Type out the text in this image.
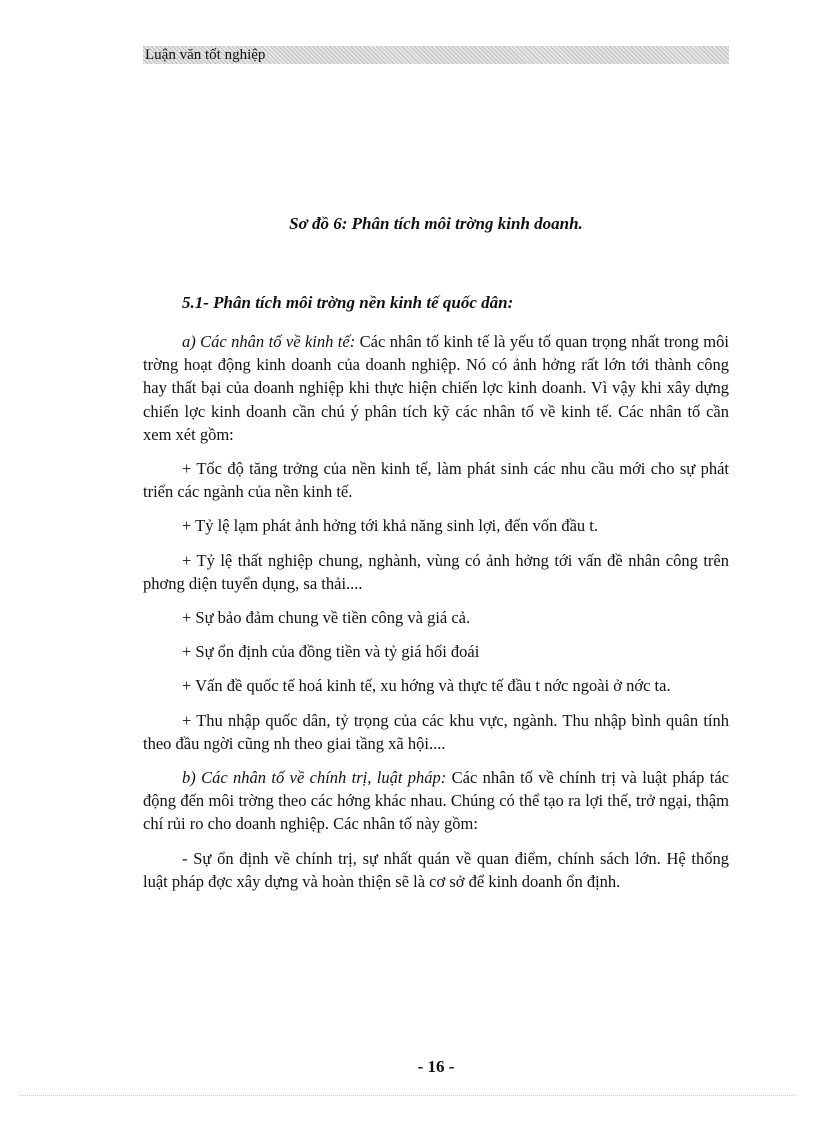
Luận văn tốt nghiệp
Sơ đồ 6: Phân tích môi trờng kinh doanh.
5.1- Phân tích môi trờng nền kinh tế quốc dân:

a) Các nhân tố về kinh tế: Các nhân tố kinh tế là yếu tố quan trọng nhất trong môi trờng hoạt động kinh doanh của doanh nghiệp. Nó có ảnh hởng rất lớn tới thành công hay thất bại của doanh nghiệp khi thực hiện chiến lợc kinh doanh. Vì vậy khi xây dựng chiến lợc kinh doanh cần chú ý phân tích kỹ các nhân tố về kinh tế. Các nhân tố cần xem xét gồm:

+ Tốc độ tăng trởng của nền kinh tế, làm phát sinh các nhu cầu mới cho sự phát triển các ngành của nền kinh tế.

+ Tỷ lệ lạm phát ảnh hởng tới khả năng sinh lợi, đến vốn đầu t.

+ Tỷ lệ thất nghiệp chung, nghành, vùng có ảnh hởng tới vấn đề nhân công trên phơng diện tuyển dụng, sa thải....

+ Sự bảo đảm chung về tiền công và giá cả.

+ Sự ổn định của đồng tiền và tỷ giá hối đoái

+ Vấn đề quốc tế hoá kinh tế, xu hớng và thực tế đầu t nớc ngoài ở nớc ta.

+ Thu nhập quốc dân, tỷ trọng của các khu vực, ngành. Thu nhập bình quân tính theo đầu ngời cũng nh theo giai tầng xã hội....

b) Các nhân tố về chính trị, luật pháp: Các nhân tố về chính trị và luật pháp tác động đến môi trờng theo các hớng khác nhau. Chúng có thể tạo ra lợi thế, trở ngại, thậm chí rủi ro cho doanh nghiệp. Các nhân tố này gồm:

- Sự ổn định về chính trị, sự nhất quán về quan điểm, chính sách lớn. Hệ thống luật pháp đợc xây dựng và hoàn thiện sẽ là cơ sở để kinh doanh ổn định.

- 16 -
